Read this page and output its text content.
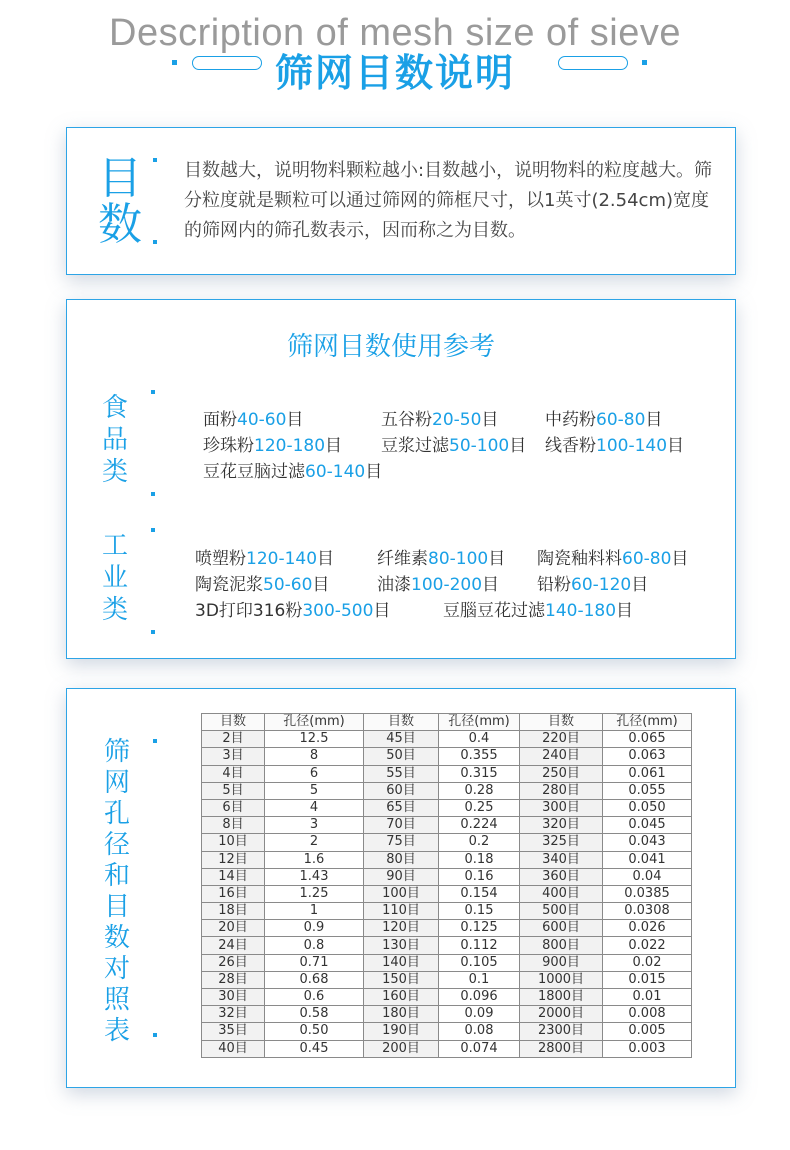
Description of mesh size of sieve
筛网目数说明
目
数
目数越大，说明物料颗粒越小:目数越小，说明物料的粒度越大。筛分粒度就是颗粒可以通过筛网的筛框尺寸，以1英寸(2.54cm)宽度的筛网内的筛孔数表示，因而称之为目数。
筛网目数使用参考
食
品
类
面粉40-60目	五谷粉20-50目	中药粉60-80目
珍珠粉120-180目 豆浆过滤50-100目 线香粉100-140目
豆花豆脑过滤60-140目
工
业
类
喷塑粉120-140目	纤维素80-100目 陶瓷釉料料60-80目
陶瓷泥浆50-60目	油漆100-200目 铅粉60-120目
3D打印316粉300-500目	豆腦豆花过滤140-180目
筛
网
孔
径
和
目
数
对
照
表
目数	孔径(mm)	目数	孔径(mm)	目数	孔径(mm)
2目	12.5	45目	0.4	220目	0.065
3目	8	50目	0.355	240目	0.063
4目	6	55目	0.315	250目	0.061
5目	5	60目	0.28	280目	0.055
6目	4	65目	0.25	300目	0.050
8目	3	70目	0.224	320目	0.045
10目	2	75目	0.2	325目	0.043
12目	1.6	80目	0.18	340目	0.041
14目	1.43	90目	0.16	360目	0.04
16目	1.25	100目	0.154	400目	0.0385
18目	1	110目	0.15	500目	0.0308
20目	0.9	120目	0.125	600目	0.026
24目	0.8	130目	0.112	800目	0.022
26目	0.71	140目	0.105	900目	0.02
28目	0.68	150目	0.1	1000目	0.015
30目	0.6	160目	0.096	1800目	0.01
32目	0.58	180目	0.09	2000目	0.008
35目	0.50	190目	0.08	2300目	0.005
40目	0.45	200目	0.074	2800目	0.003
